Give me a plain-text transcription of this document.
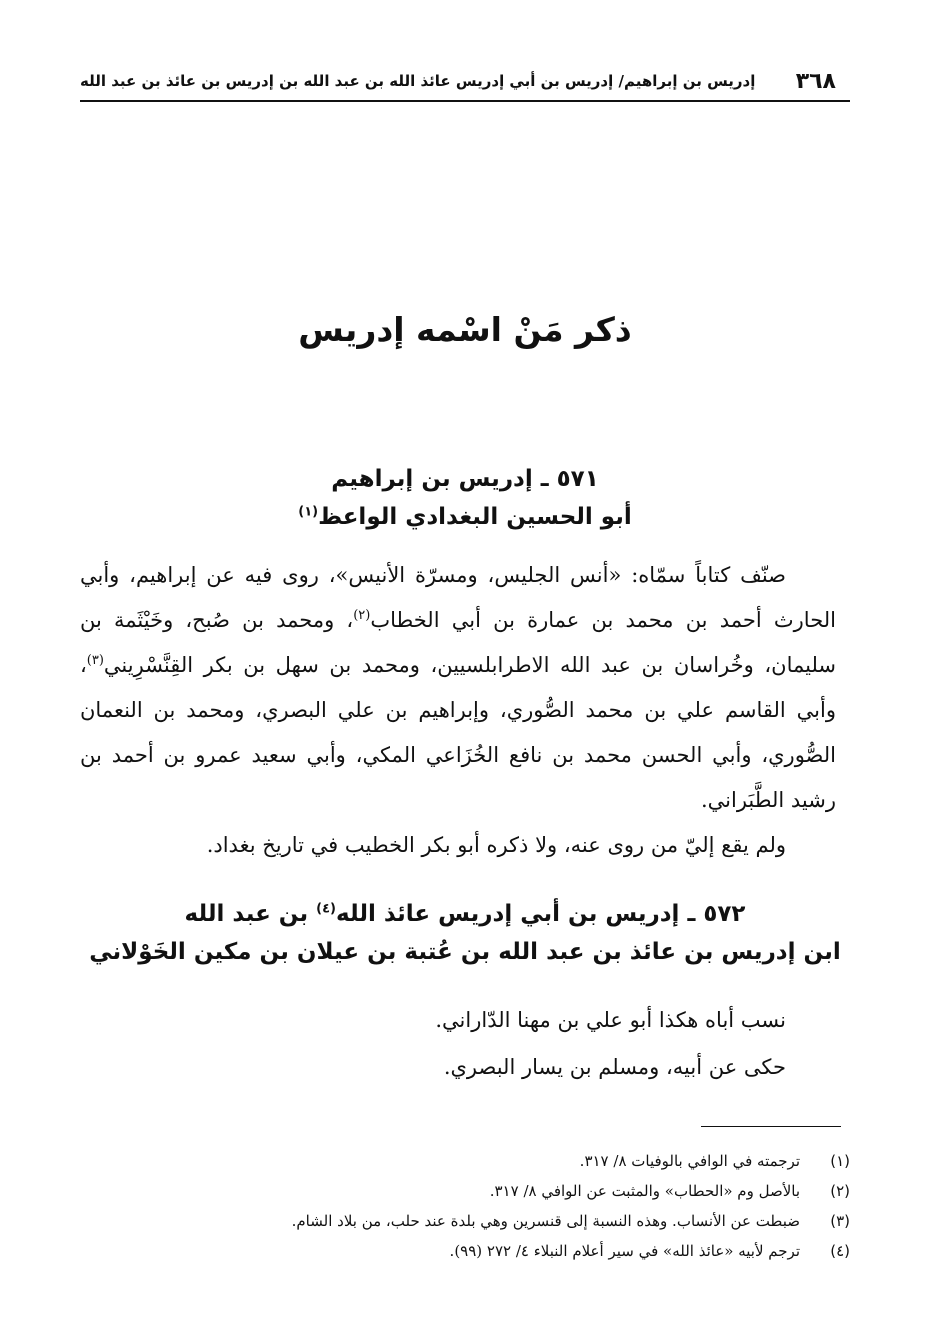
٣٦٨
إدريس بن إبراهيم/ إدريس بن أبي إدريس عائذ الله بن عبد الله بن إدريس بن عائذ بن عبد الله
ذكر مَنْ اسْمه إدريس
٥٧١ ـ إدريس بن إبراهيم
أبو الحسين البغدادي الواعظ$^{(١)}$
صنّف كتاباً سمّاه: «أنس الجليس، ومسرّة الأنيس»، روى فيه عن إبراهيم، وأبي الحارث أحمد بن محمد بن عمارة بن أبي الخطاب$^{(٢)}$، ومحمد بن صُبح، وخَيْثَمة بن سليمان، وخُراسان بن عبد الله الاطرابلسيين، ومحمد بن سهل بن بكر القِنَّسْرِيني$^{(٣)}$، وأبي القاسم علي بن محمد الصُّوري، وإبراهيم بن علي البصري، ومحمد بن النعمان الصُّوري، وأبي الحسن محمد بن نافع الخُزَاعي المكي، وأبي سعيد عمرو بن أحمد بن رشيد الطَّبَراني.
ولم يقع إليّ من روى عنه، ولا ذكره أبو بكر الخطيب في تاريخ بغداد.
٥٧٢ ـ إدريس بن أبي إدريس عائذ الله$^{(٤)}$ بن عبد الله
ابن إدريس بن عائذ بن عبد الله بن عُتبة بن عيلان بن مكين الخَوْلاني
نسب أباه هكذا أبو علي بن مهنا الدّاراني.
حكى عن أبيه، ومسلم بن يسار البصري.
(١)
ترجمته في الوافي بالوفيات ٨/ ٣١٧.
(٢)
بالأصل وم «الحطاب» والمثبت عن الوافي ٨/ ٣١٧.
(٣)
ضبطت عن الأنساب. وهذه النسبة إلى قنسرين وهي بلدة عند حلب، من بلاد الشام.
(٤)
ترجم لأبيه «عائذ الله» في سير أعلام النبلاء ٤/ ٢٧٢ (٩٩).
